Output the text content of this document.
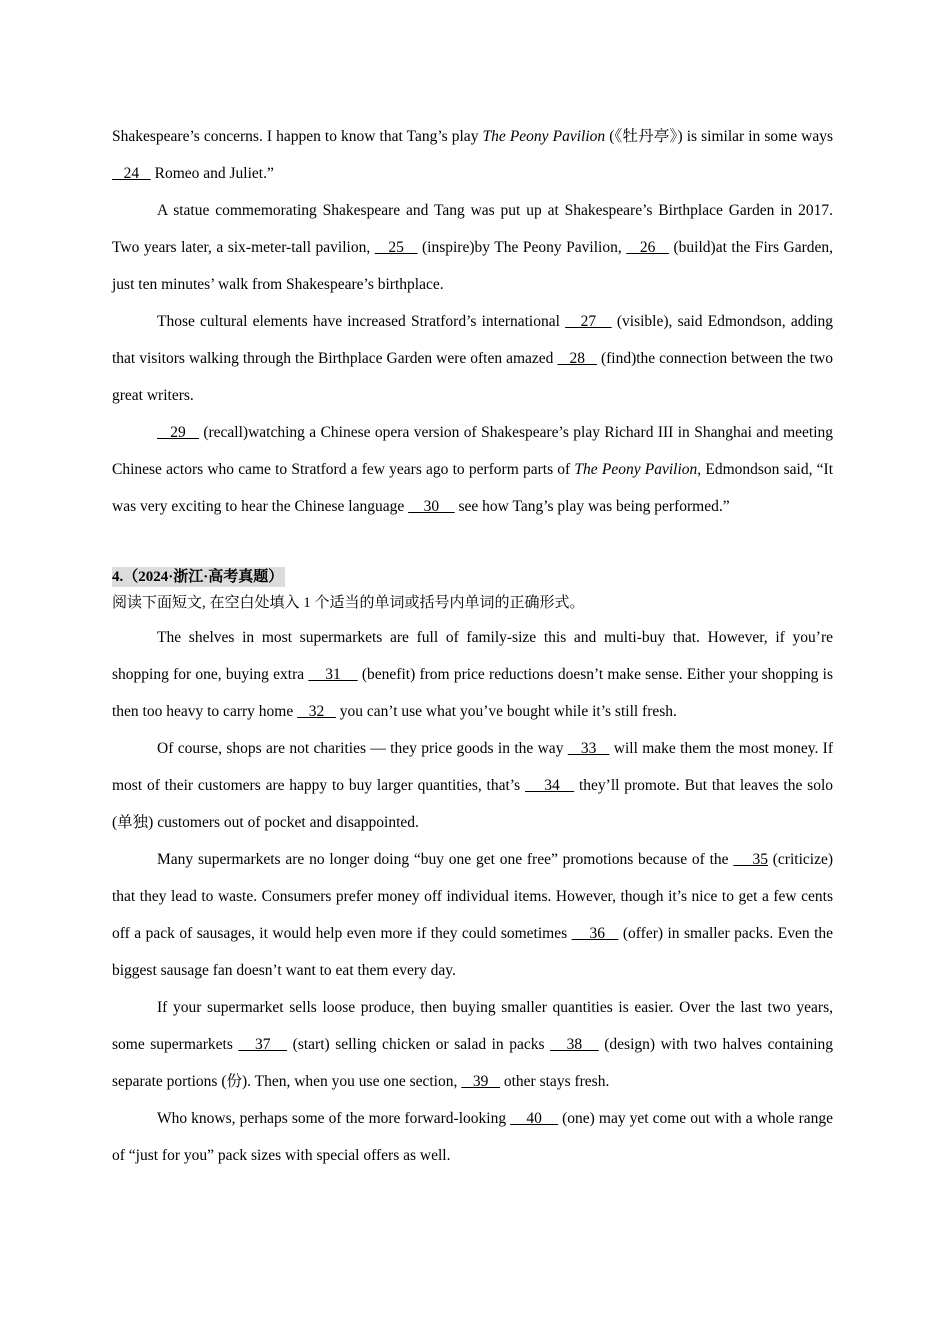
Shakespeare’s concerns. I happen to know that Tang’s play The Peony Pavilion (《牡丹亭》) is similar in some ways    24    Romeo and Juliet.”

A statue commemorating Shakespeare and Tang was put up at Shakespeare’s Birthplace Garden in 2017. Two years later, a six-meter-tall pavilion,    25    (inspire)by The Peony Pavilion,    26    (build)at the Firs Garden, just ten minutes’ walk from Shakespeare’s birthplace.

Those cultural elements have increased Stratford’s international    27    (visible), said Edmondson, adding that visitors walking through the Birthplace Garden were often amazed    28    (find)the connection between the two great writers.

29    (recall)watching a Chinese opera version of Shakespeare’s play Richard III in Shanghai and meeting Chinese actors who came to Stratford a few years ago to perform parts of The Peony Pavilion, Edmondson said, “It was very exciting to hear the Chinese language     30     see how Tang’s play was being performed.”

4.（2024·浙江·高考真题）
阅读下面短文, 在空白处填入 1 个适当的单词或括号内单词的正确形式。

The shelves in most supermarkets are full of family-size this and multi-buy that. However, if you’re shopping for one, buying extra     31     (benefit) from price reductions doesn’t make sense. Either your shopping is then too heavy to carry home    32    you can’t use what you’ve bought while it’s still fresh.

Of course, shops are not charities — they price goods in the way    33    will make them the most money. If most of their customers are happy to buy larger quantities, that’s     34    they’ll promote. But that leaves the solo (单独) customers out of pocket and disappointed.

Many supermarkets are no longer doing “buy one get one free” promotions because of the     35 (criticize) that they lead to waste. Consumers prefer money off individual items. However, though it’s nice to get a few cents off a pack of sausages, it would help even more if they could sometimes     36    (offer) in smaller packs. Even the biggest sausage fan doesn’t want to eat them every day.

If your supermarket sells loose produce, then buying smaller quantities is easier. Over the last two years, some supermarkets    37    (start) selling chicken or salad in packs    38    (design) with two halves containing separate portions (份). Then, when you use one section,    39    other stays fresh.

Who knows, perhaps some of the more forward-looking     40     (one) may yet come out with a whole range of “just for you” pack sizes with special offers as well.
